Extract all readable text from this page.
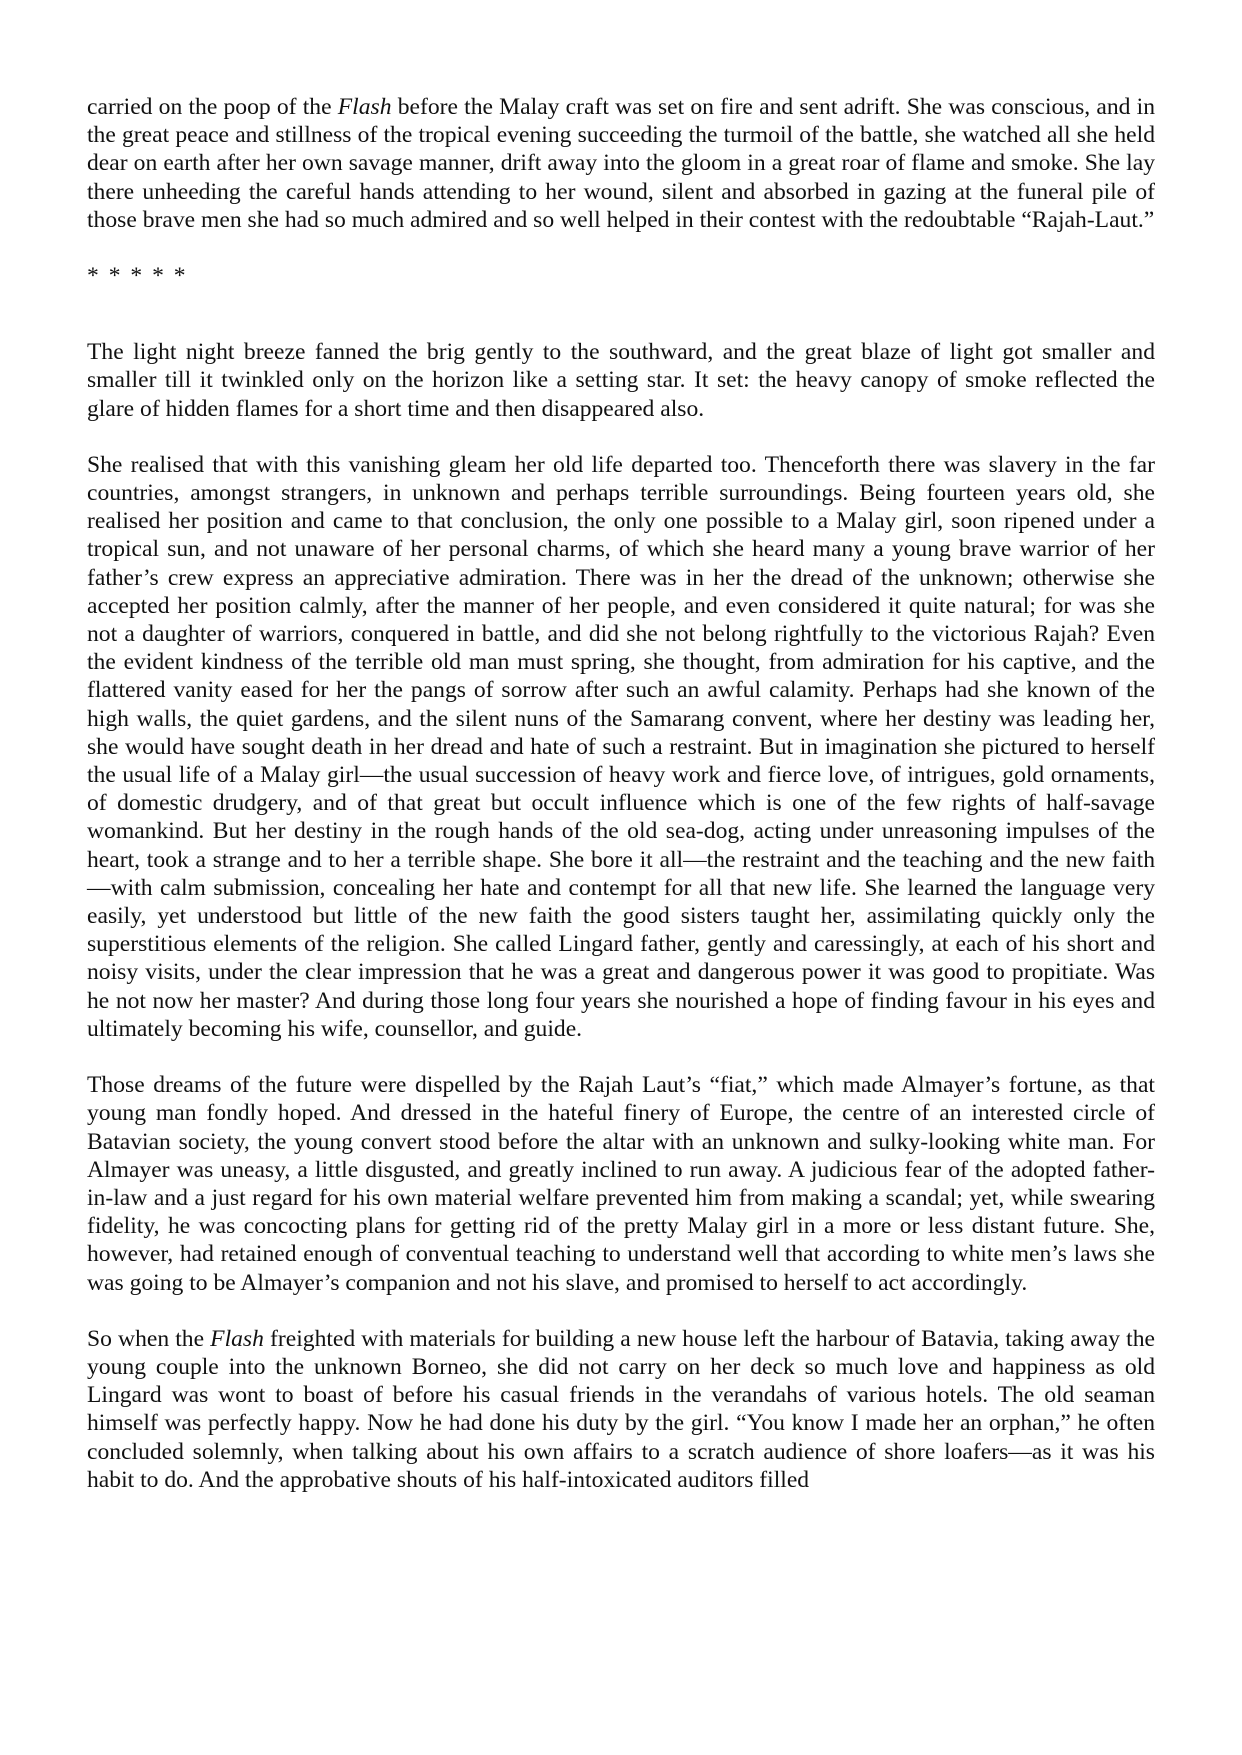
carried on the poop of the Flash before the Malay craft was set on fire and sent adrift. She was conscious, and in the great peace and stillness of the tropical evening succeeding the turmoil of the battle, she watched all she held dear on earth after her own savage manner, drift away into the gloom in a great roar of flame and smoke. She lay there unheeding the careful hands attending to her wound, silent and absorbed in gazing at the funeral pile of those brave men she had so much admired and so well helped in their contest with the redoubtable “Rajah-Laut.”

* * * * *

The light night breeze fanned the brig gently to the southward, and the great blaze of light got smaller and smaller till it twinkled only on the horizon like a setting star. It set: the heavy canopy of smoke reflected the glare of hidden flames for a short time and then disappeared also.

She realised that with this vanishing gleam her old life departed too. Thenceforth there was slavery in the far countries, amongst strangers, in unknown and perhaps terrible surroundings. Being fourteen years old, she realised her position and came to that conclusion, the only one possible to a Malay girl, soon ripened under a tropical sun, and not unaware of her personal charms, of which she heard many a young brave warrior of her father’s crew express an appreciative admiration. There was in her the dread of the unknown; otherwise she accepted her position calmly, after the manner of her people, and even considered it quite natural; for was she not a daughter of warriors, conquered in battle, and did she not belong rightfully to the victorious Rajah? Even the evident kindness of the terrible old man must spring, she thought, from admiration for his captive, and the flattered vanity eased for her the pangs of sorrow after such an awful calamity. Perhaps had she known of the high walls, the quiet gardens, and the silent nuns of the Samarang convent, where her destiny was leading her, she would have sought death in her dread and hate of such a restraint. But in imagination she pictured to herself the usual life of a Malay girl—the usual succession of heavy work and fierce love, of intrigues, gold ornaments, of domestic drudgery, and of that great but occult influence which is one of the few rights of half-savage womankind. But her destiny in the rough hands of the old sea-dog, acting under unreasoning impulses of the heart, took a strange and to her a terrible shape. She bore it all—the restraint and the teaching and the new faith—with calm submission, concealing her hate and contempt for all that new life. She learned the language very easily, yet understood but little of the new faith the good sisters taught her, assimilating quickly only the superstitious elements of the religion. She called Lingard father, gently and caressingly, at each of his short and noisy visits, under the clear impression that he was a great and dangerous power it was good to propitiate. Was he not now her master? And during those long four years she nourished a hope of finding favour in his eyes and ultimately becoming his wife, counsellor, and guide.

Those dreams of the future were dispelled by the Rajah Laut’s “fiat,” which made Almayer’s fortune, as that young man fondly hoped. And dressed in the hateful finery of Europe, the centre of an interested circle of Batavian society, the young convert stood before the altar with an unknown and sulky-looking white man. For Almayer was uneasy, a little disgusted, and greatly inclined to run away. A judicious fear of the adopted father-in-law and a just regard for his own material welfare prevented him from making a scandal; yet, while swearing fidelity, he was concocting plans for getting rid of the pretty Malay girl in a more or less distant future. She, however, had retained enough of conventual teaching to understand well that according to white men’s laws she was going to be Almayer’s companion and not his slave, and promised to herself to act accordingly.

So when the Flash freighted with materials for building a new house left the harbour of Batavia, taking away the young couple into the unknown Borneo, she did not carry on her deck so much love and happiness as old Lingard was wont to boast of before his casual friends in the verandahs of various hotels. The old seaman himself was perfectly happy. Now he had done his duty by the girl. “You know I made her an orphan,” he often concluded solemnly, when talking about his own affairs to a scratch audience of shore loafers—as it was his habit to do. And the approbative shouts of his half-intoxicated auditors filled
